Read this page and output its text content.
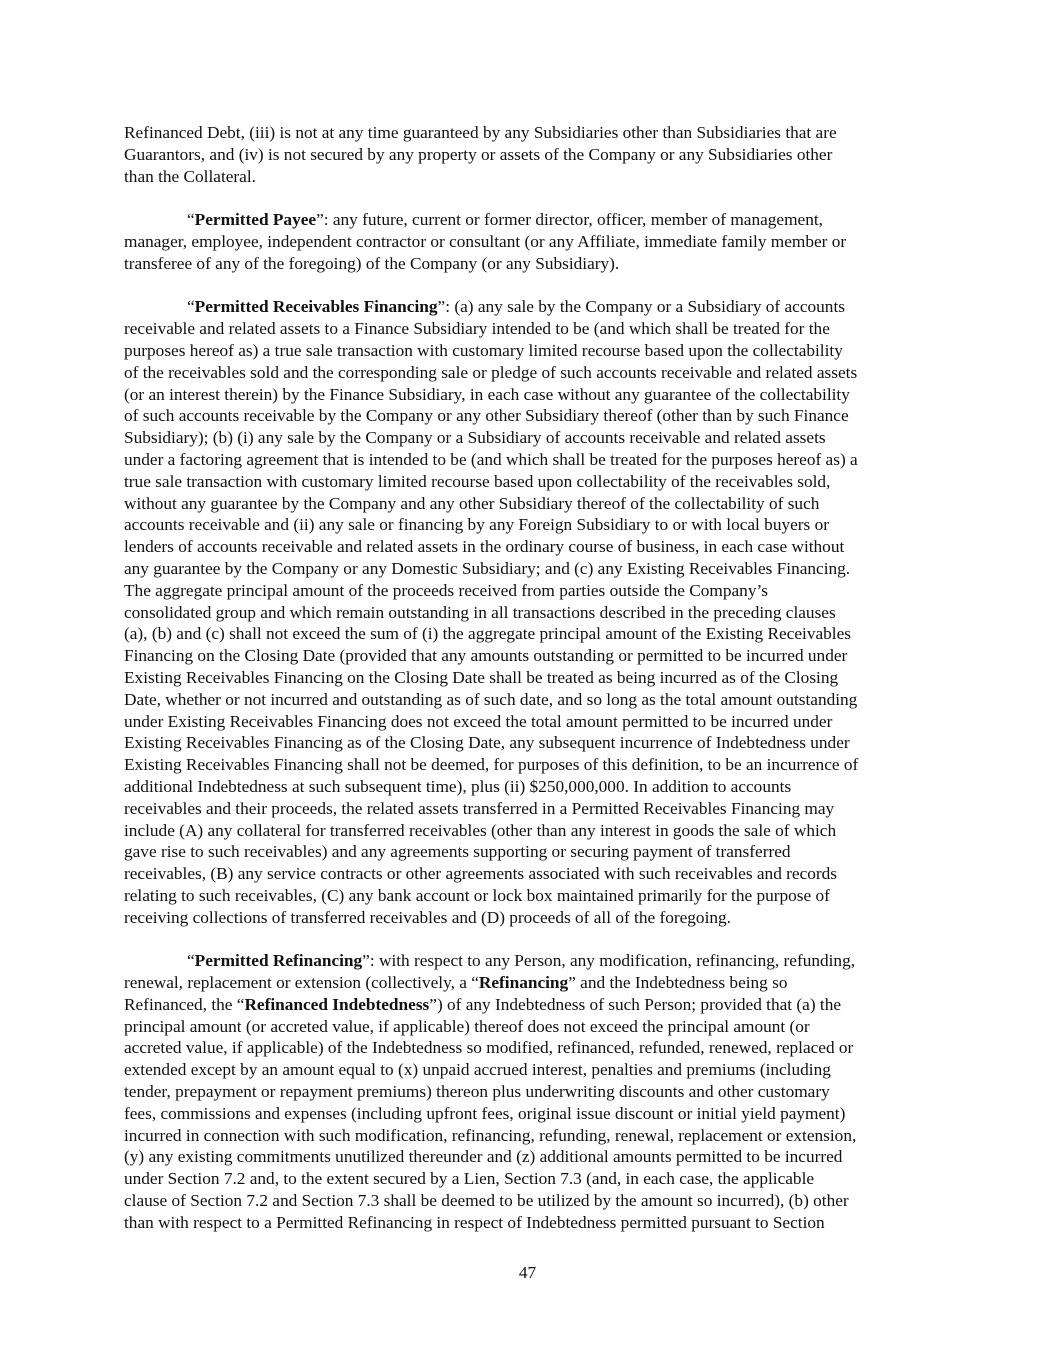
Refinanced Debt, (iii) is not at any time guaranteed by any Subsidiaries other than Subsidiaries that are
Guarantors, and (iv) is not secured by any property or assets of the Company or any Subsidiaries other
than the Collateral.
“Permitted Payee”: any future, current or former director, officer, member of management,
manager, employee, independent contractor or consultant (or any Affiliate, immediate family member or
transferee of any of the foregoing) of the Company (or any Subsidiary).
“Permitted Receivables Financing”: (a) any sale by the Company or a Subsidiary of accounts
receivable and related assets to a Finance Subsidiary intended to be (and which shall be treated for the
purposes hereof as) a true sale transaction with customary limited recourse based upon the collectability
of the receivables sold and the corresponding sale or pledge of such accounts receivable and related assets
(or an interest therein) by the Finance Subsidiary, in each case without any guarantee of the collectability
of such accounts receivable by the Company or any other Subsidiary thereof (other than by such Finance
Subsidiary); (b) (i) any sale by the Company or a Subsidiary of accounts receivable and related assets
under a factoring agreement that is intended to be (and which shall be treated for the purposes hereof as) a
true sale transaction with customary limited recourse based upon collectability of the receivables sold,
without any guarantee by the Company and any other Subsidiary thereof of the collectability of such
accounts receivable and (ii) any sale or financing by any Foreign Subsidiary to or with local buyers or
lenders of accounts receivable and related assets in the ordinary course of business, in each case without
any guarantee by the Company or any Domestic Subsidiary; and (c) any Existing Receivables Financing.
The aggregate principal amount of the proceeds received from parties outside the Company’s
consolidated group and which remain outstanding in all transactions described in the preceding clauses
(a), (b) and (c) shall not exceed the sum of (i) the aggregate principal amount of the Existing Receivables
Financing on the Closing Date (provided that any amounts outstanding or permitted to be incurred under
Existing Receivables Financing on the Closing Date shall be treated as being incurred as of the Closing
Date, whether or not incurred and outstanding as of such date, and so long as the total amount outstanding
under Existing Receivables Financing does not exceed the total amount permitted to be incurred under
Existing Receivables Financing as of the Closing Date, any subsequent incurrence of Indebtedness under
Existing Receivables Financing shall not be deemed, for purposes of this definition, to be an incurrence of
additional Indebtedness at such subsequent time), plus (ii) $250,000,000. In addition to accounts
receivables and their proceeds, the related assets transferred in a Permitted Receivables Financing may
include (A) any collateral for transferred receivables (other than any interest in goods the sale of which
gave rise to such receivables) and any agreements supporting or securing payment of transferred
receivables, (B) any service contracts or other agreements associated with such receivables and records
relating to such receivables, (C) any bank account or lock box maintained primarily for the purpose of
receiving collections of transferred receivables and (D) proceeds of all of the foregoing.
“Permitted Refinancing”: with respect to any Person, any modification, refinancing, refunding,
renewal, replacement or extension (collectively, a “Refinancing” and the Indebtedness being so
Refinanced, the “Refinanced Indebtedness”) of any Indebtedness of such Person; provided that (a) the
principal amount (or accreted value, if applicable) thereof does not exceed the principal amount (or
accreted value, if applicable) of the Indebtedness so modified, refinanced, refunded, renewed, replaced or
extended except by an amount equal to (x) unpaid accrued interest, penalties and premiums (including
tender, prepayment or repayment premiums) thereon plus underwriting discounts and other customary
fees, commissions and expenses (including upfront fees, original issue discount or initial yield payment)
incurred in connection with such modification, refinancing, refunding, renewal, replacement or extension,
(y) any existing commitments unutilized thereunder and (z) additional amounts permitted to be incurred
under Section 7.2 and, to the extent secured by a Lien, Section 7.3 (and, in each case, the applicable
clause of Section 7.2 and Section 7.3 shall be deemed to be utilized by the amount so incurred), (b) other
than with respect to a Permitted Refinancing in respect of Indebtedness permitted pursuant to Section
47
